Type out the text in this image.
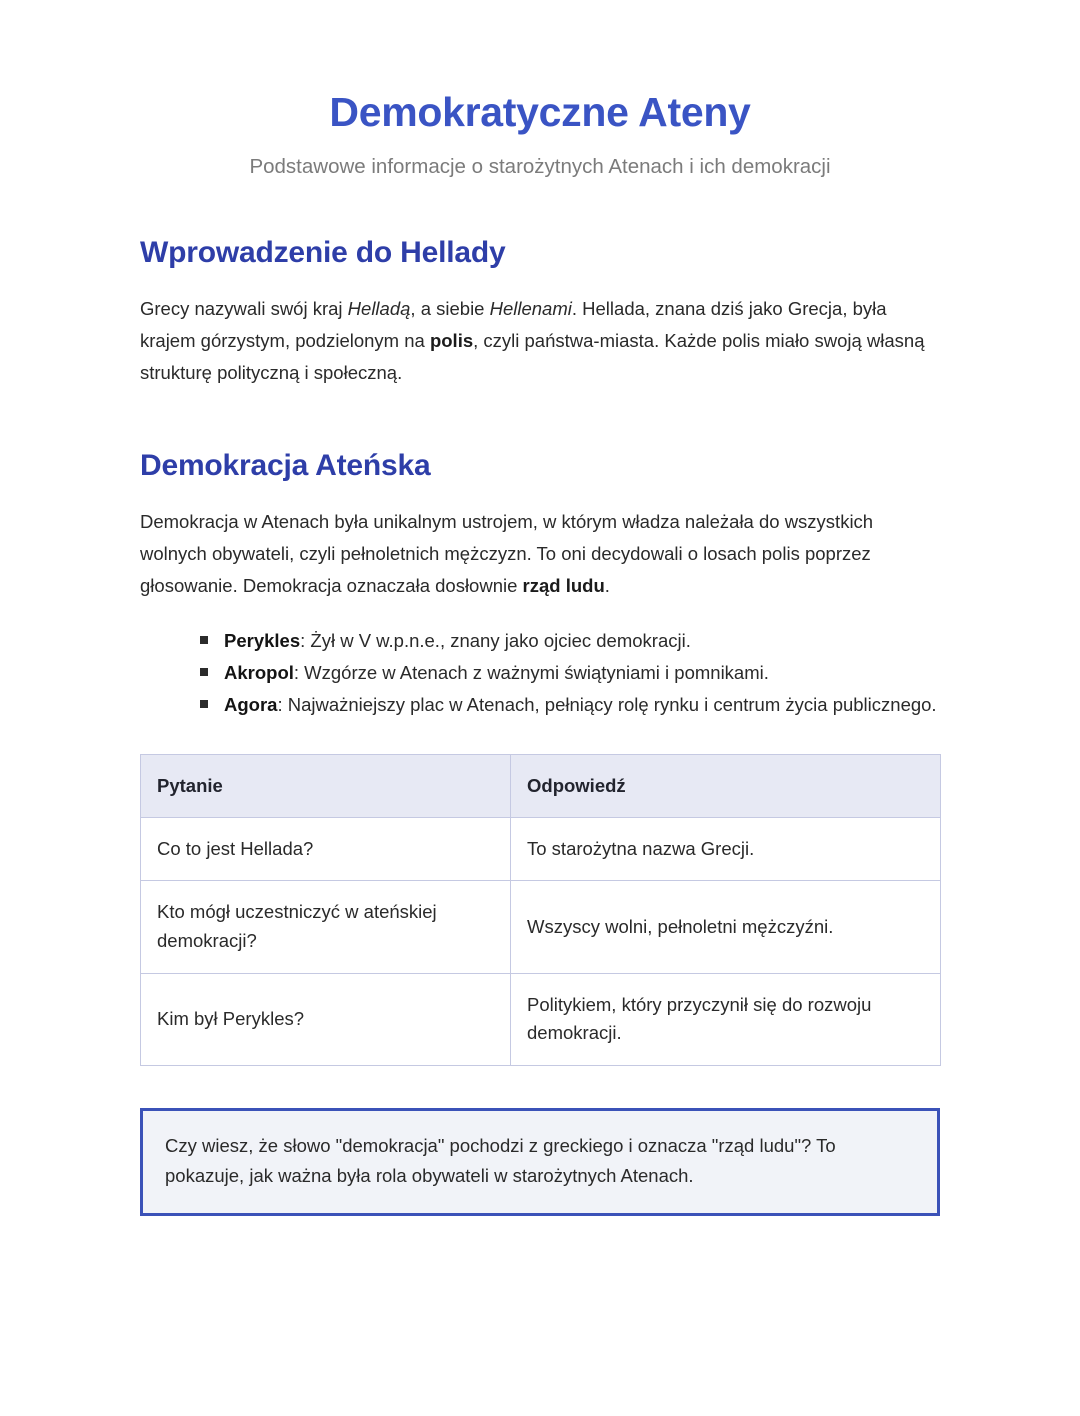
Demokratyczne Ateny

Podstawowe informacje o starożytnych Atenach i ich demokracji

Wprowadzenie do Hellady

Grecy nazywali swój kraj Helladą, a siebie Hellenami. Hellada, znana dziś jako Grecja, była krajem górzystym, podzielonym na polis, czyli państwa-miasta. Każde polis miało swoją własną strukturę polityczną i społeczną.

Demokracja Ateńska

Demokracja w Atenach była unikalnym ustrojem, w którym władza należała do wszystkich wolnych obywateli, czyli pełnoletnich mężczyzn. To oni decydowali o losach polis poprzez głosowanie. Demokracja oznaczała dosłownie rząd ludu.

Perykles: Żył w V w.p.n.e., znany jako ojciec demokracji.
Akropol: Wzgórze w Atenach z ważnymi świątyniami i pomnikami.
Agora: Najważniejszy plac w Atenach, pełniący rolę rynku i centrum życia publicznego.
Pytanie	Odpowiedź
Co to jest Hellada?	To starożytna nazwa Grecji.
Kto mógł uczestniczyć w ateńskiej demokracji?	Wszyscy wolni, pełnoletni mężczyźni.
Kim był Perykles?	Politykiem, który przyczynił się do rozwoju demokracji.

Czy wiesz, że słowo "demokracja" pochodzi z greckiego i oznacza "rząd ludu"? To pokazuje, jak ważna była rola obywateli w starożytnych Atenach.
